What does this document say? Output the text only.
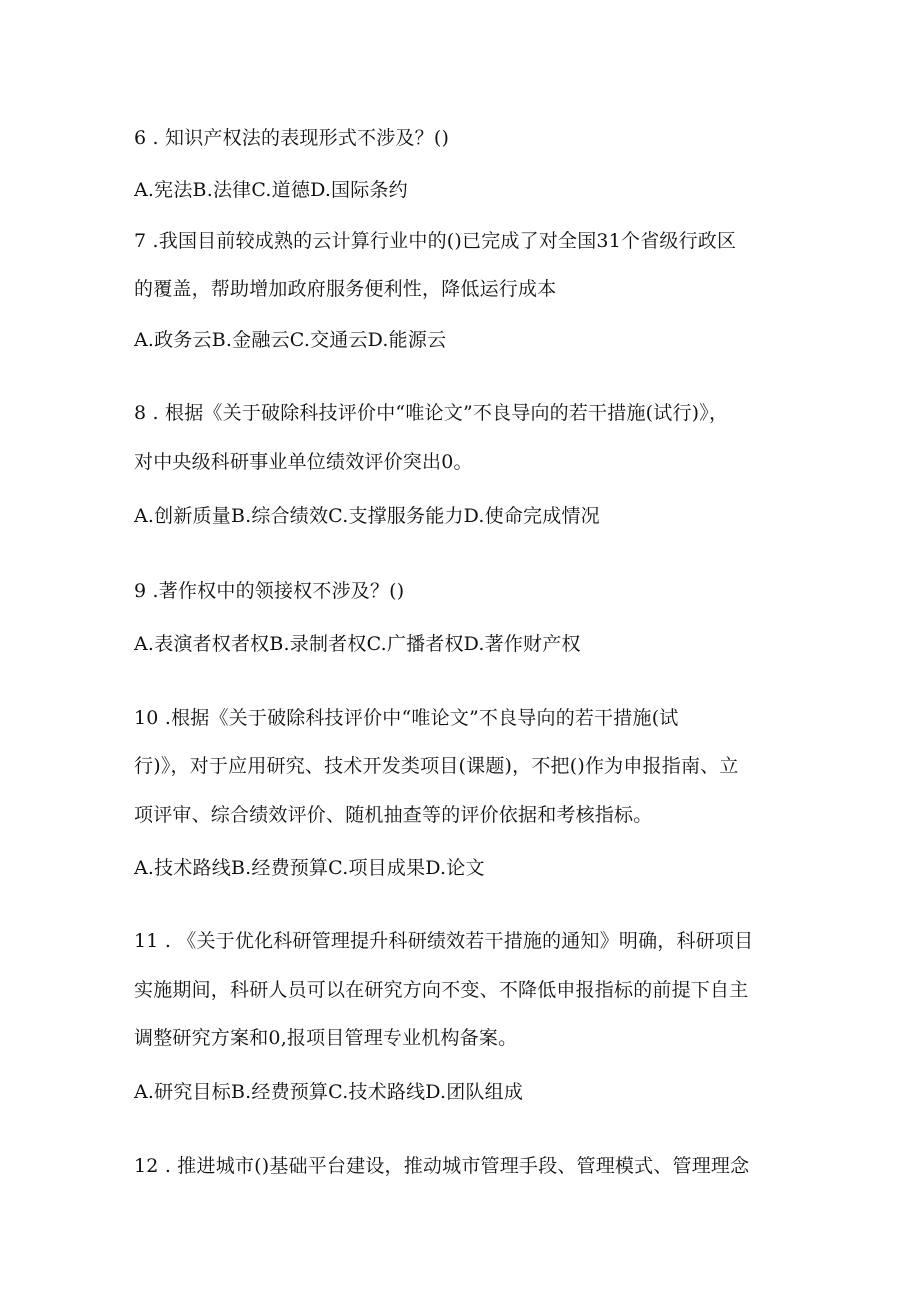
6 . 知识产权法的表现形式不涉及？()
A.宪法B.法律C.道德D.国际条约
7 .我国目前较成熟的云计算行业中的()已完成了对全国31个省级行政区
的覆盖，帮助增加政府服务便利性，降低运行成本
A.政务云B.金融云C.交通云D.能源云
8 . 根据《关于破除科技评价中“唯论文”不良导向的若干措施(试行)》，
对中央级科研事业单位绩效评价突出0。
A.创新质量B.综合绩效C.支撑服务能力D.使命完成情况
9 .著作权中的领接权不涉及？()
A.表演者权者权B.录制者权C.广播者权D.著作财产权
10 .根据《关于破除科技评价中“唯论文”不良导向的若干措施(试
行)》，对于应用研究、技术开发类项目(课题)，不把()作为申报指南、立
项评审、综合绩效评价、随机抽查等的评价依据和考核指标。
A.技术路线B.经费预算C.项目成果D.论文
11 . 《关于优化科研管理提升科研绩效若干措施的通知》明确，科研项目
实施期间，科研人员可以在研究方向不变、不降低申报指标的前提下自主
调整研究方案和0,报项目管理专业机构备案。
A.研究目标B.经费预算C.技术路线D.团队组成
12 . 推进城市()基础平台建设，推动城市管理手段、管理模式、管理理念
